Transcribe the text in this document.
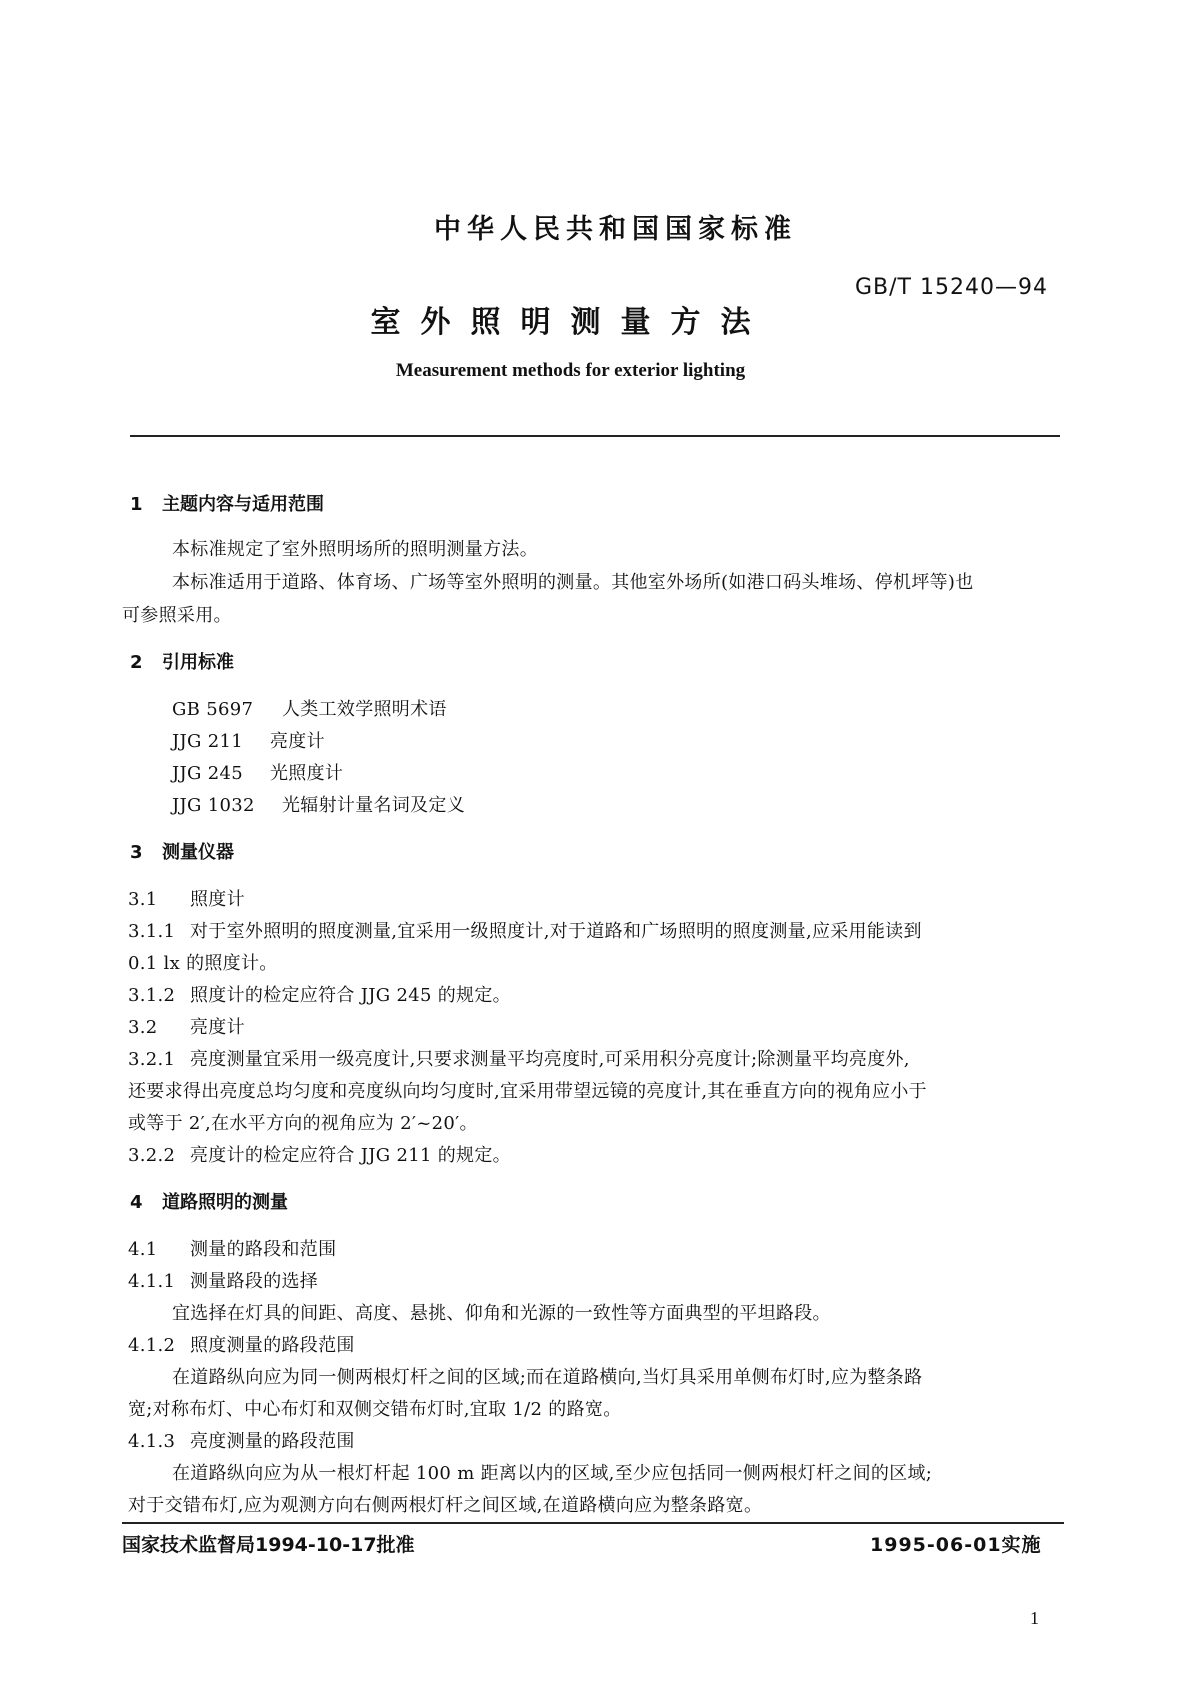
中华人民共和国国家标准
GB/T 15240—94
室外照明测量方法
Measurement methods for exterior lighting
1 主题内容与适用范围
本标准规定了室外照明场所的照明测量方法。
本标准适用于道路、体育场、广场等室外照明的测量。其他室外场所(如港口码头堆场、停机坪等)也
可参照采用。
2 引用标准
GB 5697 人类工效学照明术语
JJG 211 亮度计
JJG 245 光照度计
JJG 1032 光辐射计量名词及定义
3 测量仪器
3.1 照度计
3.1.1 对于室外照明的照度测量,宜采用一级照度计,对于道路和广场照明的照度测量,应采用能读到
0.1 lx 的照度计。
3.1.2 照度计的检定应符合 JJG 245 的规定。
3.2 亮度计
3.2.1 亮度测量宜采用一级亮度计,只要求测量平均亮度时,可采用积分亮度计;除测量平均亮度外,
还要求得出亮度总均匀度和亮度纵向均匀度时,宜采用带望远镜的亮度计,其在垂直方向的视角应小于
或等于 2′,在水平方向的视角应为 2′~20′。
3.2.2 亮度计的检定应符合 JJG 211 的规定。
4 道路照明的测量
4.1 测量的路段和范围
4.1.1 测量路段的选择
宜选择在灯具的间距、高度、悬挑、仰角和光源的一致性等方面典型的平坦路段。
4.1.2 照度测量的路段范围
在道路纵向应为同一侧两根灯杆之间的区域;而在道路横向,当灯具采用单侧布灯时,应为整条路
宽;对称布灯、中心布灯和双侧交错布灯时,宜取 1/2 的路宽。
4.1.3 亮度测量的路段范围
在道路纵向应为从一根灯杆起 100 m 距离以内的区域,至少应包括同一侧两根灯杆之间的区域;
对于交错布灯,应为观测方向右侧两根灯杆之间区域,在道路横向应为整条路宽。
国家技术监督局1994-10-17批准	1995-06-01实施
1
